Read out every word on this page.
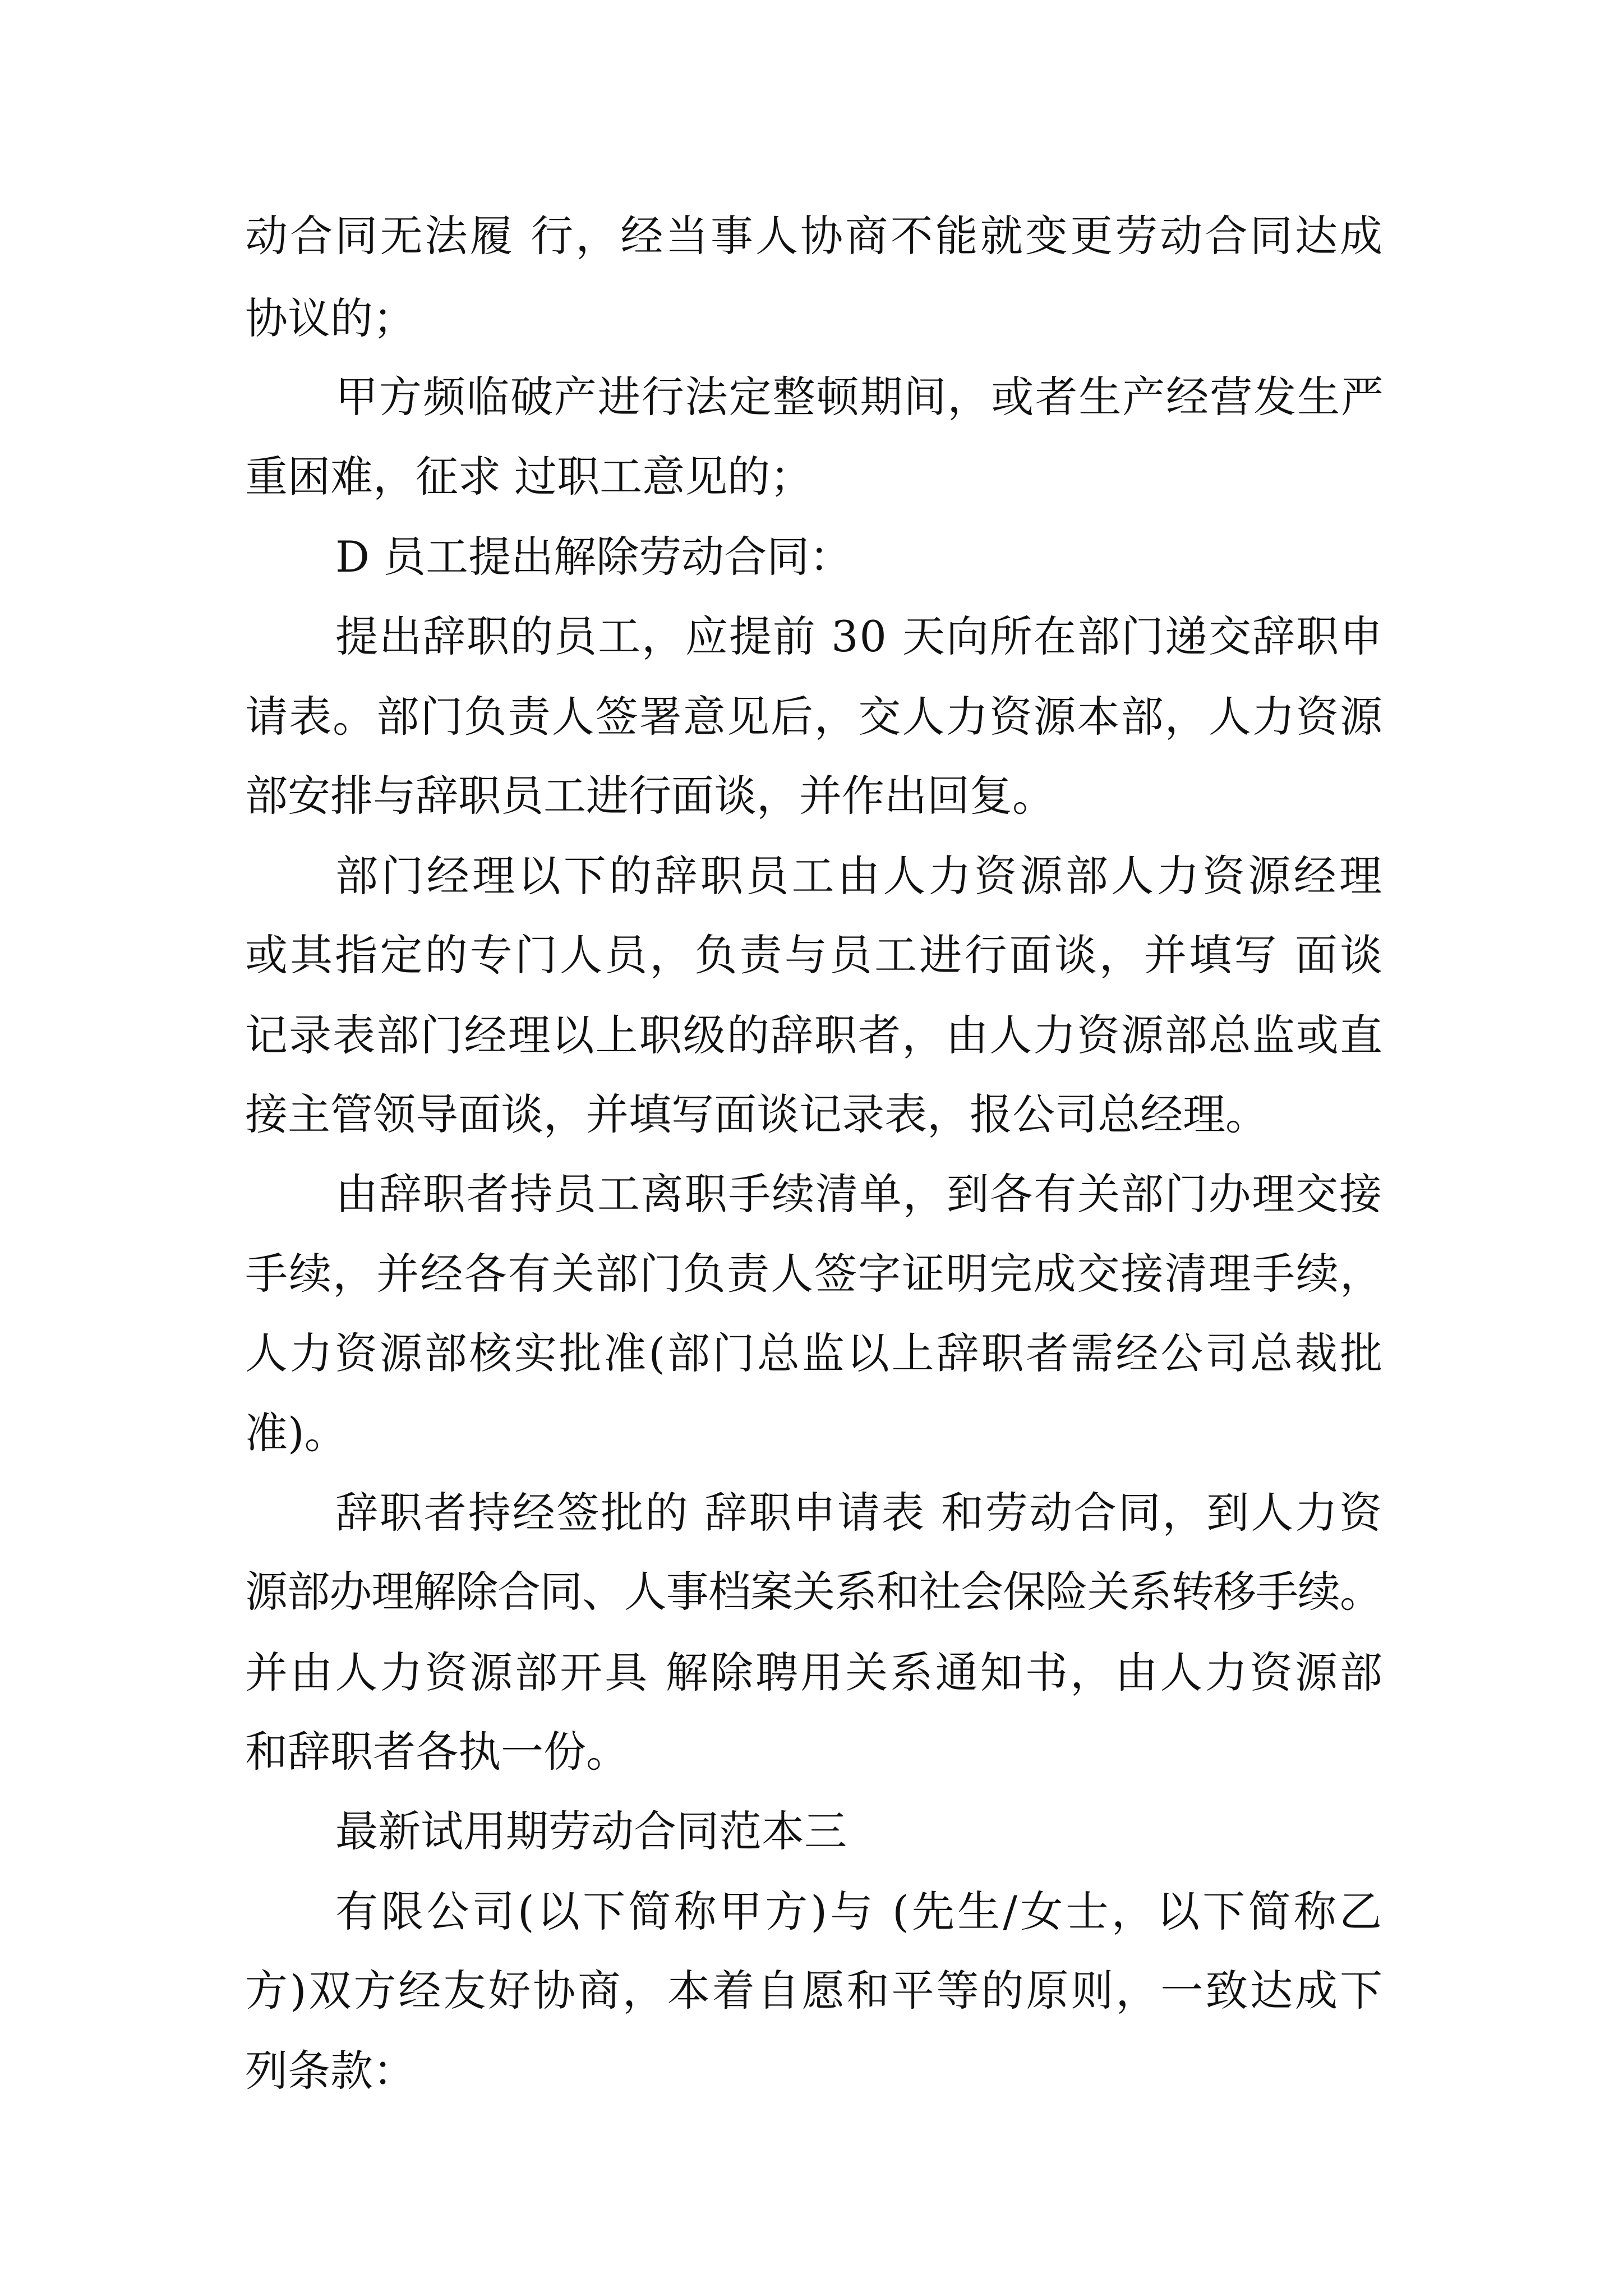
动合同无法履 行，经当事人协商不能就变更劳动合同达成

协议的；

甲方频临破产进行法定整顿期间，或者生产经营发生严

重困难，征求 过职工意见的；

D 员工提出解除劳动合同：

提出辞职的员工，应提前 30 天向所在部门递交辞职申

请表。部门负责人签署意见后，交人力资源本部，人力资源

部安排与辞职员工进行面谈，并作出回复。

部门经理以下的辞职员工由人力资源部人力资源经理

或其指定的专门人员，负责与员工进行面谈，并填写 面谈

记录表部门经理以上职级的辞职者，由人力资源部总监或直

接主管领导面谈，并填写面谈记录表，报公司总经理。

由辞职者持员工离职手续清单，到各有关部门办理交接

手续，并经各有关部门负责人签字证明完成交接清理手续，

人力资源部核实批准(部门总监以上辞职者需经公司总裁批

准)。

辞职者持经签批的 辞职申请表 和劳动合同，到人力资

源部办理解除合同、人事档案关系和社会保险关系转移手续。

并由人力资源部开具 解除聘用关系通知书，由人力资源部

和辞职者各执一份。

最新试用期劳动合同范本三

有限公司(以下简称甲方)与 (先生/女士，以下简称乙

方)双方经友好协商，本着自愿和平等的原则，一致达成下

列条款：
